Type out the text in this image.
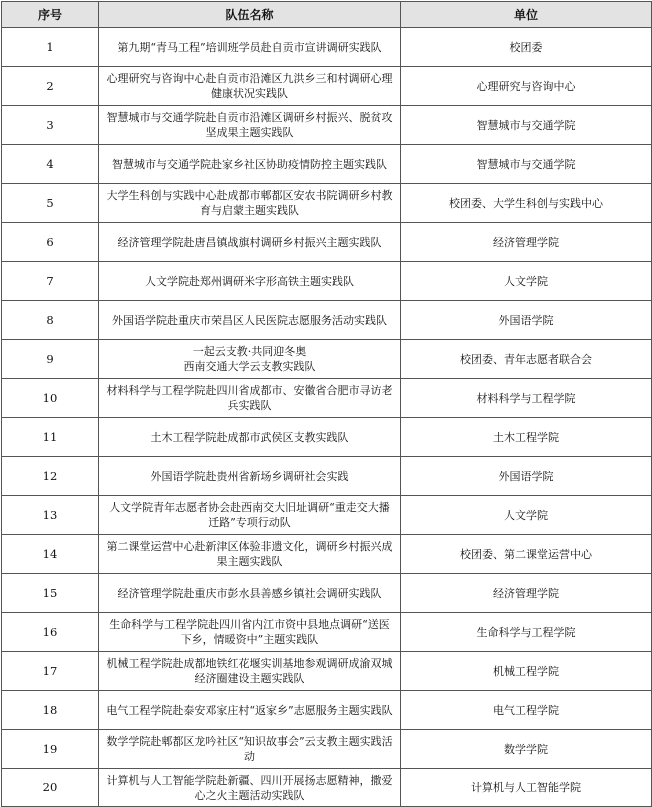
序号	队伍名称	单位
1	第九期“青马工程”培训班学员赴自贡市宣讲调研实践队	校团委
2	心理研究与咨询中心赴自贡市沿滩区九洪乡三和村调研心理健康状况实践队	心理研究与咨询中心
3	智慧城市与交通学院赴自贡市沿滩区调研乡村振兴、脱贫攻坚成果主题实践队	智慧城市与交通学院
4	智慧城市与交通学院赴家乡社区协助疫情防控主题实践队	智慧城市与交通学院
5	大学生科创与实践中心赴成都市郫都区安农书院调研乡村教育与启蒙主题实践队	校团委、大学生科创与实践中心
6	经济管理学院赴唐昌镇战旗村调研乡村振兴主题实践队	经济管理学院
7	人文学院赴郑州调研米字形高铁主题实践队	人文学院
8	外国语学院赴重庆市荣昌区人民医院志愿服务活动实践队	外国语学院
9	一起云支教·共同迎冬奥
西南交通大学云支教实践队	校团委、青年志愿者联合会
10	材料科学与工程学院赴四川省成都市、安徽省合肥市寻访老兵实践队	材料科学与工程学院
11	土木工程学院赴成都市武侯区支教实践队	土木工程学院
12	外国语学院赴贵州省新场乡调研社会实践	外国语学院
13	人文学院青年志愿者协会赴西南交大旧址调研“重走交大播迁路”专项行动队	人文学院
14	第二课堂运营中心赴新津区体验非遗文化，调研乡村振兴成果主题实践队	校团委、第二课堂运营中心
15	经济管理学院赴重庆市彭水县善感乡镇社会调研实践队	经济管理学院
16	生命科学与工程学院赴四川省内江市资中县地点调研“送医下乡，情暖资中”主题实践队	生命科学与工程学院
17	机械工程学院赴成都地铁红花堰实训基地参观调研成渝双城经济圈建设主题实践队	机械工程学院
18	电气工程学院赴泰安邓家庄村“返家乡”志愿服务主题实践队	电气工程学院
19	数学学院赴郫都区龙吟社区“知识故事会”云支教主题实践活动	数学学院
20	计算机与人工智能学院赴新疆、四川开展扬志愿精神，撒爱心之火主题活动实践队	计算机与人工智能学院
